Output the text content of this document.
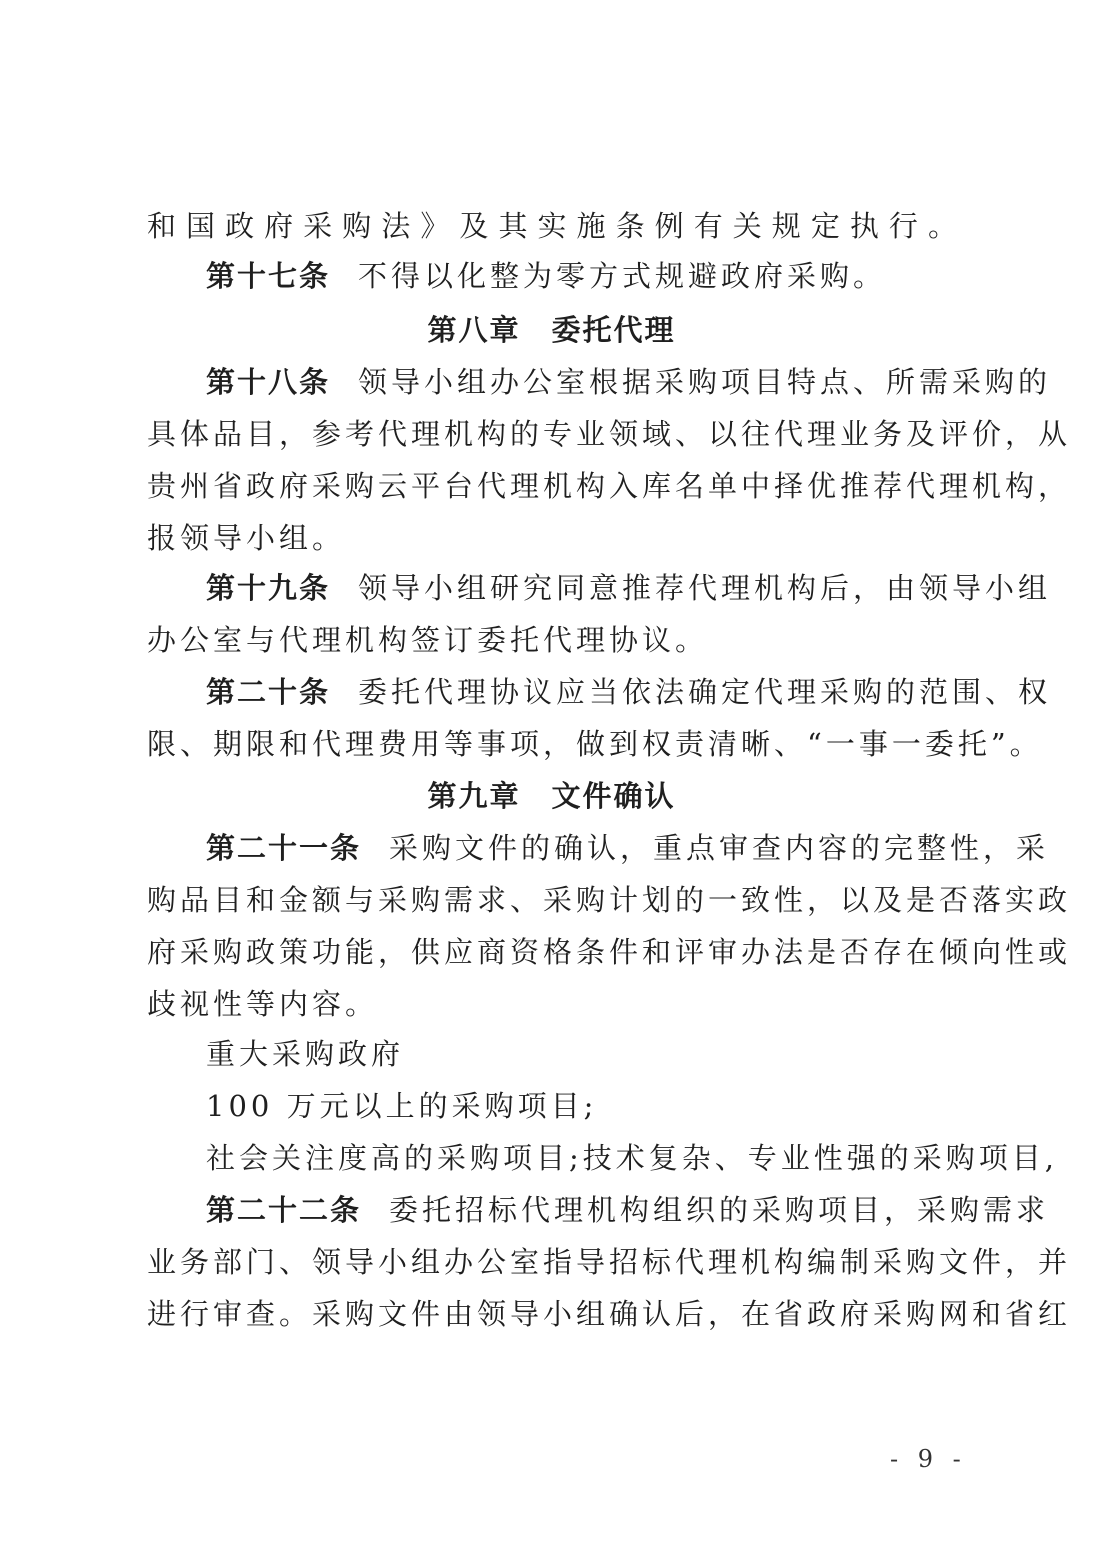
和国政府采购法》及其实施条例有关规定执行。
第十七条 不得以化整为零方式规避政府采购。
第八章　委托代理
第十八条 领导小组办公室根据采购项目特点、所需采购的
具体品目，参考代理机构的专业领域、以往代理业务及评价，从
贵州省政府采购云平台代理机构入库名单中择优推荐代理机构，
报领导小组。
第十九条 领导小组研究同意推荐代理机构后，由领导小组
办公室与代理机构签订委托代理协议。
第二十条 委托代理协议应当依法确定代理采购的范围、权
限、期限和代理费用等事项，做到权责清晰、“一事一委托”。
第九章　文件确认
第二十一条 采购文件的确认，重点审查内容的完整性，采
购品目和金额与采购需求、采购计划的一致性，以及是否落实政
府采购政策功能，供应商资格条件和评审办法是否存在倾向性或
歧视性等内容。
重大采购政府
100 万元以上的采购项目;
社会关注度高的采购项目;技术复杂、专业性强的采购项目,
第二十二条 委托招标代理机构组织的采购项目，采购需求
业务部门、领导小组办公室指导招标代理机构编制采购文件，并
进行审查。采购文件由领导小组确认后，在省政府采购网和省红
- 9 -
